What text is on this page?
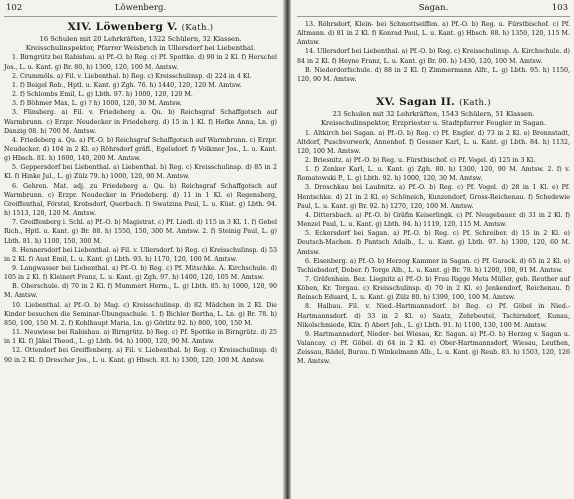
102	Löwenberg.
XIV. Löwenberg V. (Kath.)
16 Schulen mit 20 Lehrkräften, 1322 Schülern, 32 Klassen.
Kreisschulinspektor, Pfarrer Weisbrich in Ullersdorf bei Liebenthal.
1. Birngrütz bei Rabishau. a) Pf.-O. b) Reg. c) Pf. Spottke. d) 90 in 2 Kl. f) Herschel Jos., L. u. Kant. g) Br. 80, h) 1300, 120, 100 M. Amtsw.
2. Crummöls. a) Fil. v. Liebenthal. b) Reg. c) Kreisschulinsp. d) 224 in 4 Kl.
1. f) Beigel Rob., Hptl. u. Kant. g) Zgh. 76. h) 1440, 120, 120 M. Amtsw.
2. f) Schlombs Emil, L. g) Lbth. 97. h) 1000, 120, 120 M.
3. f) Böhmer Max, L. g) ? h) 1000, 120, 30 M. Amtsw.
3. Flinsberg. a) Fil. v. Friedeberg a. Qu. b) Reichsgraf Schaffgotsch auf Warmbrunn. c) Erzpr. Neudecker in Friedeberg. d) 15 in 1 Kl. f) Hefke Anna, Ln. g) Danzig 08. h) 700 M. Amtsw.
4. Friedeberg a. Qu. a) Pf.-O. b) Reichsgraf Schaffgotsch auf Warmbrunn. c) Erzpr. Neudecker. d) 104 in 2 Kl. e) Röhrsdorf gräfl., Egelsdorf. f) Volkmer Jos., L. u. Kant. g) Hbsch. 81. h) 1600, 140, 200 M. Amtsw.
5. Geppersdorf bei Liebenthal. a) Liebenthal. b) Reg. c) Kreisschulinsp. d) 85 in 2 Kl. f) Hinke Jul., L. g) Zülz 79. h) 1000, 120, 90 M. Amtsw.
6. Gehren. Mat. adj. zu Friedeberg a. Qu. b) Reichsgraf Schaffgotsch auf Warmbrunn. c) Erzpr. Neudecker in Friedeberg. d) 11 in 1 Kl. e) Regensberg, Greiffenthal, Förstel, Krobsdorf, Querbach. f) Swatzina Paul, L. u. Küst. g) Lbth. 94. h) 1513, 120, 120 M. Amtsw.
7. Greiffenberg i. Schl. a) Pf.-O. b) Magistrat. c) Pf. Liedl. d) 115 in 3 Kl. 1. f) Gebel Rich., Hptl. u. Kant. g) Br. 88. h) 1550, 150, 300 M. Amtsw. 2. f) Steinig Paul, L. g) Lbth. 81. h) 1100, 150, 300 M.
8. Hennersdorf bei Liebenthal. a) Fil. v. Ullersdorf. b) Reg. c) Kreisschulinsp. d) 53 in 2 Kl. f) Aust Emil, L. u. Kant. g) Lbth. 93. h) 1170, 120, 100 M. Amtsw.
9. Langwasser bei Liebenthal. a) Pf.-O. b) Reg. c) Pf. Mitschke. A. Kirchschule. d) 105 in 2 Kl. f) Kleinert Franz, L. u. Kant. g) Zgh. 97. h) 1400, 120, 105 M. Amtsw.
B. Oberschule. d) 70 in 2 Kl. f) Mummert Herm., L. g) Lbth. 85. h) 1000, 120, 90 M. Amtsw.
10. Liebenthal. a) Pf.-O. b) Mag. c) Kreisschulinsp. d) 82 Mädchen in 2 Kl. Die Kinder besuchen die Seminar-Übungsschule. 1. f) Bichler Bertha, L. Ln. g) Br. 78. h) 850, 100, 150 M. 2. f) Kohlhaupt Maria, Ln. g) Görlitz 92. h) 800, 100, 150 M.
11. Neuwiese bei Rabishau. a) Birngrütz. b) Reg. c) Pf. Spottke in Birngrütz. d) 25 in 1 Kl. f) Jäkel Theod., L. g) Lbth. 94. h) 1000, 120, 90 M. Amtsw.
12. Ottendorf bei Greiffenberg. a) Fil. v. Liebenthal. b) Reg. c) Kreisschulinsp. d) 90 in 2 Kl. f) Drescher Jos., L. u. Kant. g) Hbsch. 83. h) 1300, 120, 100 M. Amtsw.
Sagan.	103
13. Röhrsdorf, Klein- bei Schmottseiffen. a) Pf.-O. b) Reg. u. Fürstbischof. c) Pf. Altmann. d) 81 in 2 Kl. f) Konrad Paul, L. u. Kant. g) Hbsch. 88. h) 1350, 120, 115 M. Amtsw.
14. Ullersdorf bei Liebenthal. a) Pf.-O. b) Reg. c) Kreisschulinsp. A. Kirchschule. d) 84 in 2 Kl. f) Heyne Franz, L. u. Kant. g) Br. 00. h) 1430, 120, 100 M. Amtsw.
B. Niederdorfschule. d) 88 in 2 Kl. f) Zimmermann Alfr., L. g) Lbth. 95. h) 1150, 120, 90 M. Amtsw.
XV. Sagan II. (Kath.)
23 Schulen mit 32 Lehrkräften, 1543 Schülern, 51 Klassen.
Kreisschulinspektor, Erzpriester u. Stadtpfarrer Feugler in Sagan.
1. Altkirch bei Sagan. a) Pf.-O. b) Reg. c) Pf. Engler. d) 73 in 2 Kl. e) Brennstadt, Altdorf, Puschvorwerk, Annenhof. f) Gessner Karl, L. u. Kant. g) Lbth. 84. h) 1132, 120, 100 M. Amtsw.
2. Briesnitz. a) Pf.-O. b) Reg. u. Fürstbischof. c) Pf. Vogel. d) 125 in 3 Kl.
1. f) Zenker Karl, L. u. Kant. g) Zgh. 80. h) 1300, 120, 90 M. Amtsw. 2. f) v. Romatowski P., L. g) Lbth. 92. h) 1000, 120, 30 M. Amtsw.
3. Droschkau bei Laubnitz. a) Pf.-O. b) Reg. c) Pf. Vogel. d) 28 in 1 Kl. e) Pf. Hentschke. d) 21 in 2 Kl. e) Schöneich, Kunzendorf, Gross-Reichenau. f) Schedewie Paul, L. u. Kant. g) Br. 92. h) 1270, 120, 100 M. Amtsw.
4. Dittersbach. a) Pf.-O. b) Gräfin Keiserlingk. c) Pf. Neugebauer. d) 31 in 2 Kl. f) Menzel Paul, L. u. Kant. g) Lbth. 94. h) 1119, 120, 115 M. Amtsw.
5. Eckersdorf bei Sagan. a) Pf.-O. b) Reg. c) Pf. Schreiber. d) 15 in 2 Kl. e) Deutsch-Machen. f) Pantsch Adalb., L. u. Kant. g) Lbth. 97. h) 1300, 120, 60 M. Amtsw.
6. Eisenberg. a) Pf.-O. b) Herzog Kammer in Sagan. c) Pf. Garack. d) 65 in 2 Kl. e) Tschiebsdorf, Dober. f) Torge Alb., L. u. Kant. g) Br. 78. h) 1200, 100, 91 M. Amtsw.
7. Gräfenhain. Bez. Liegnitz a) Pf.-O. b) Frau Rigge Meta Müller, geb. Reuther auf Köben, Kr. Torgau. c) Kreisschulinsp. d) 70 in 2 Kl. e) Jenkendorf, Reichenau. f) Reinsch Eduard, L. u. Kant. g) Zülz 80. h) 1399, 100, 100 M. Amtsw.
8. Halbau. Fil. v. Nied.-Hartmannsdorf. b) Reg. c) Pf. Göbel in Nied.-Hartmannsdorf. d) 33 in 2 Kl. e) Saatz, Zehrbeutel, Tschirndorf, Kunau, Nikolschmiede, Klix. f) Abert Joh., L. g) Lbth. 91. h) 1100, 130, 100 M. Amtsw.
9. Hartmannsdorf, Nieder- bei Wiesau, Kr. Sagan. a) Pf.-O. b) Herzog v. Sagan u. Valancay. c) Pf. Göbel. d) 64 in 2 Kl. e) Ober-Hartmannsdorf, Wiesau, Leuthen, Zeissau, Rädel, Burau. f) Winkelmann Alb., L. u. Kant. g) Reub. 83. h) 1503, 120, 126 M. Amtsw.
